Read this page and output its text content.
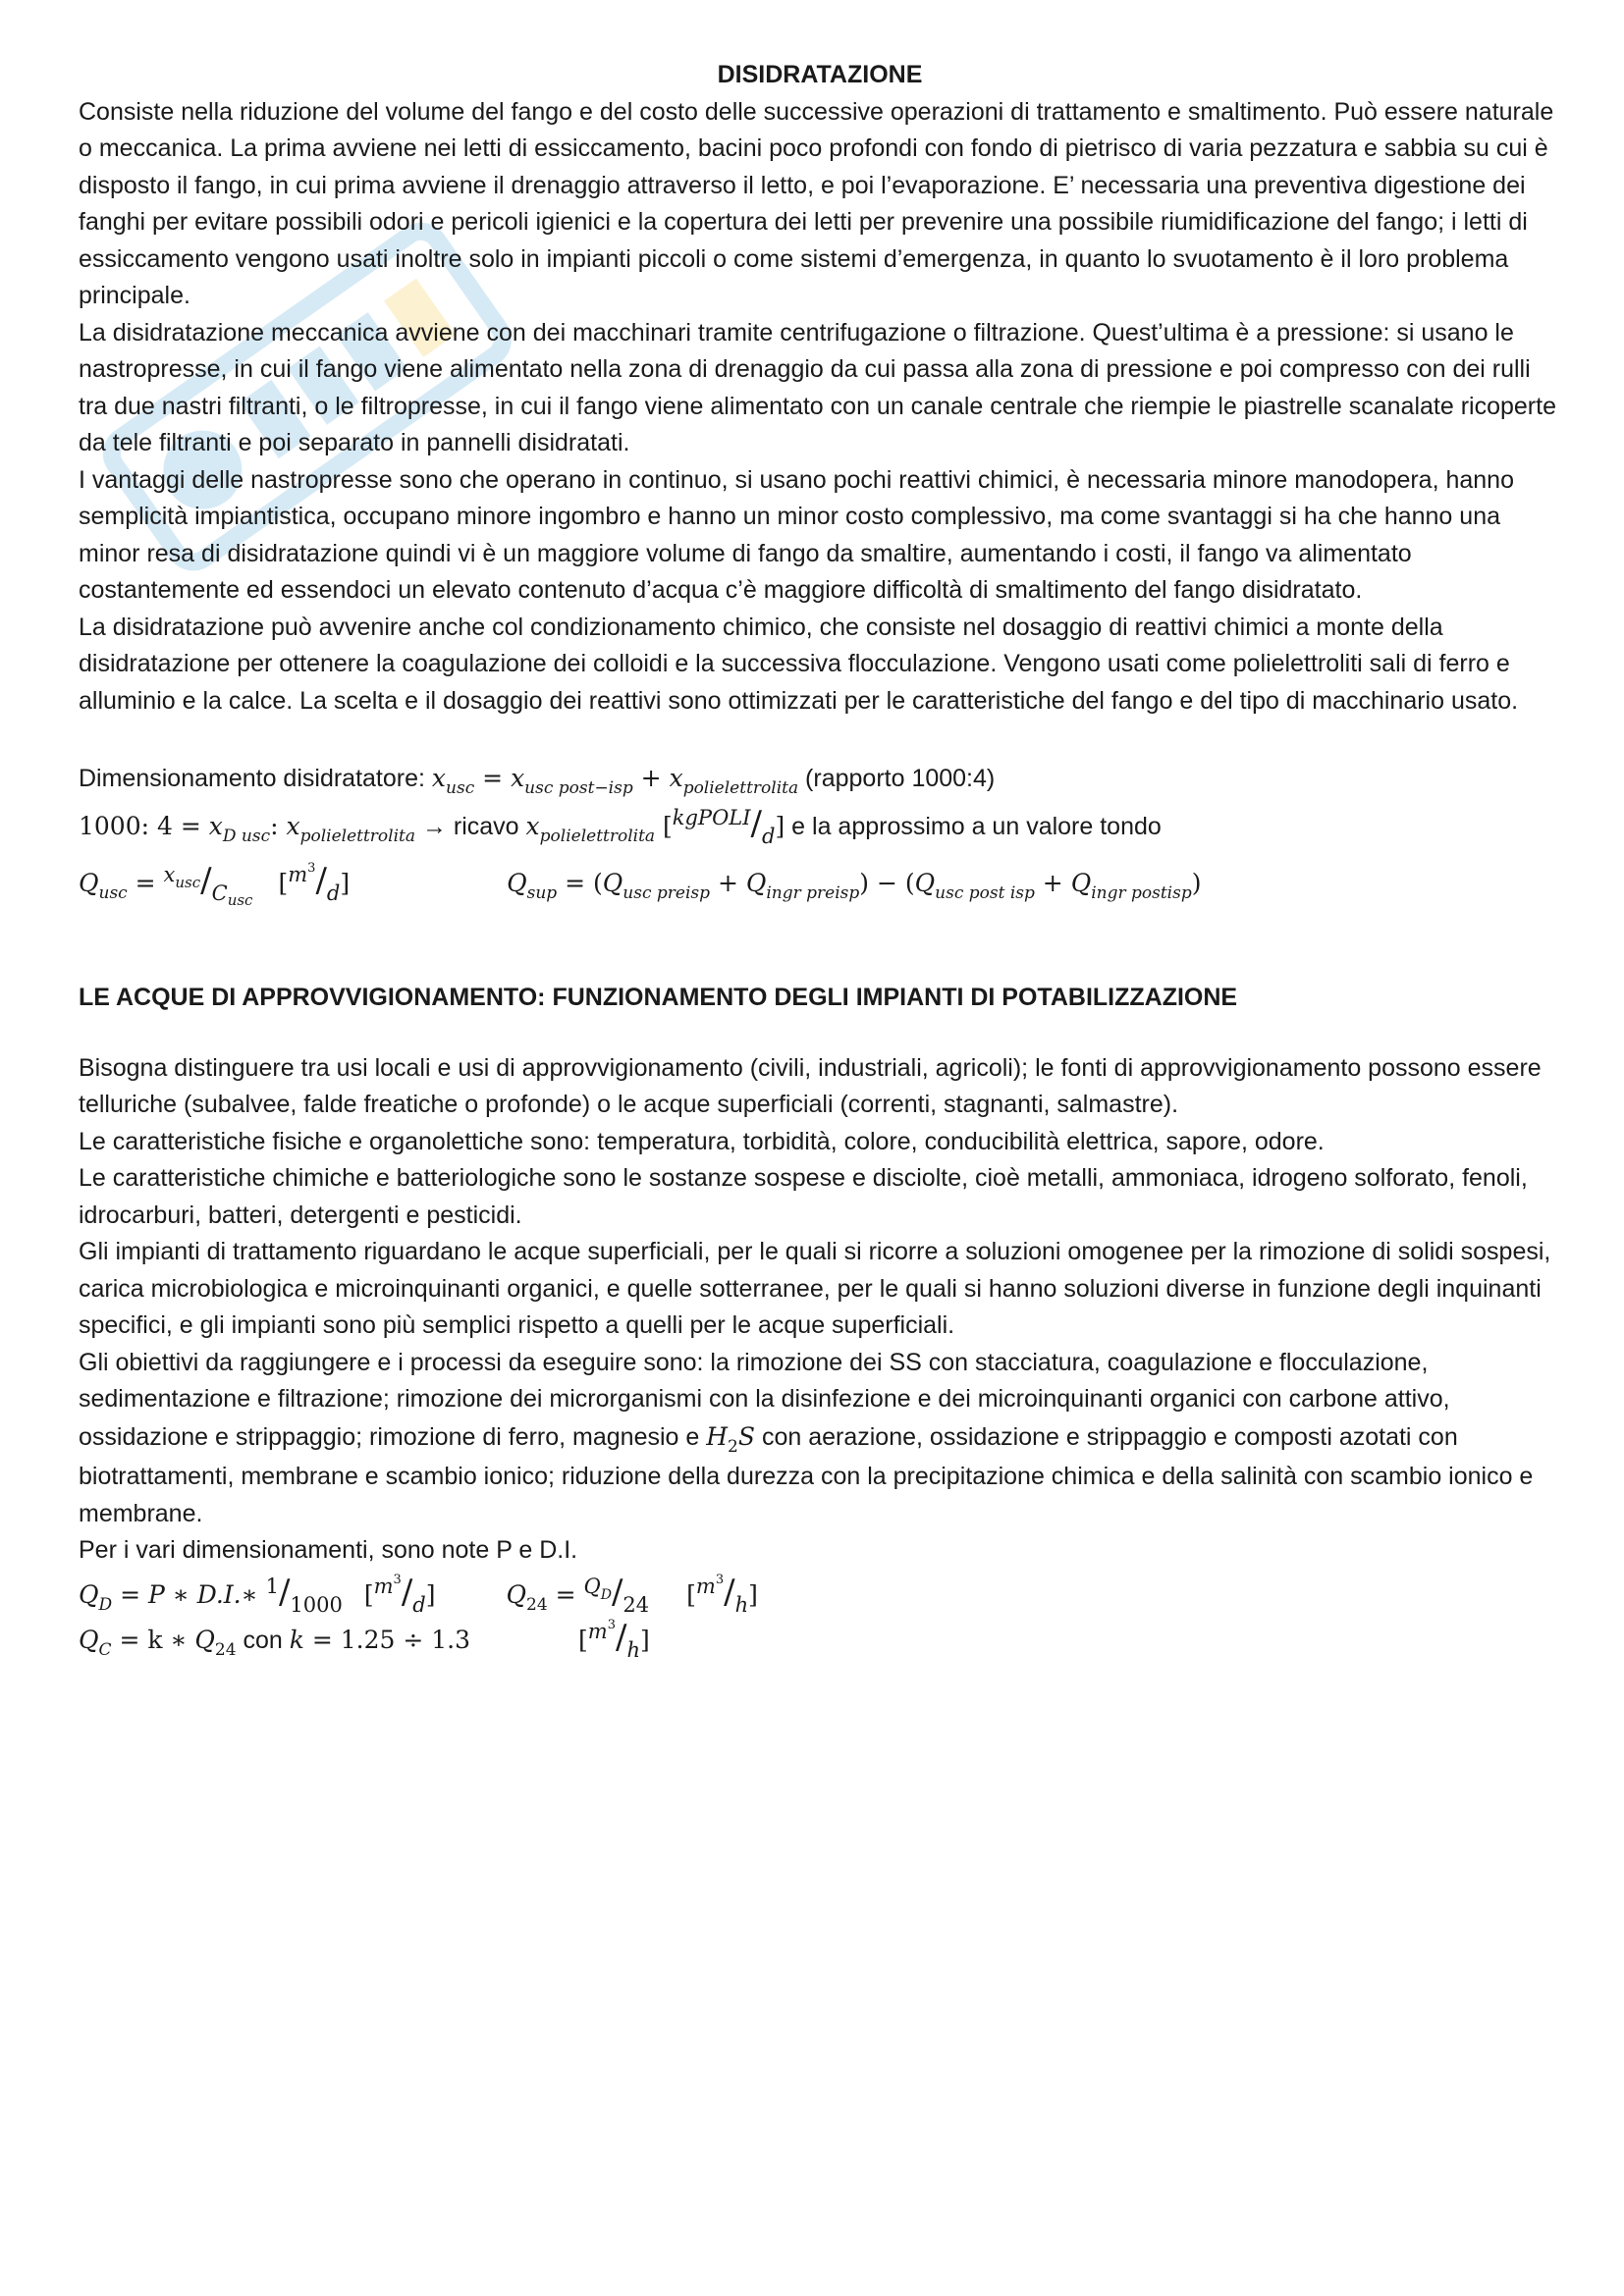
DISIDRATAZIONE

Consiste nella riduzione del volume del fango e del costo delle successive operazioni di trattamento e smaltimento. Può essere naturale o meccanica. La prima avviene nei letti di essiccamento, bacini poco profondi con fondo di pietrisco di varia pezzatura e sabbia su cui è disposto il fango, in cui prima avviene il drenaggio attraverso il letto, e poi l’evaporazione. E’ necessaria una preventiva digestione dei fanghi per evitare possibili odori e pericoli igienici e la copertura dei letti per prevenire una possibile riumidificazione del fango; i letti di essiccamento vengono usati inoltre solo in impianti piccoli o come sistemi d’emergenza, in quanto lo svuotamento è il loro problema principale.

La disidratazione meccanica avviene con dei macchinari tramite centrifugazione o filtrazione. Quest’ultima è a pressione: si usano le nastropresse, in cui il fango viene alimentato nella zona di drenaggio da cui passa alla zona di pressione e poi compresso con dei rulli tra due nastri filtranti, o le filtropresse, in cui il fango viene alimentato con un canale centrale che riempie le piastrelle scanalate ricoperte da tele filtranti e poi separato in pannelli disidratati.

I vantaggi delle nastropresse sono che operano in continuo, si usano pochi reattivi chimici, è necessaria minore manodopera, hanno semplicità impiantistica, occupano minore ingombro e hanno un minor costo complessivo, ma come svantaggi si ha che hanno una minor resa di disidratazione quindi vi è un maggiore volume di fango da smaltire, aumentando i costi, il fango va alimentato costantemente ed essendoci un elevato contenuto d’acqua c’è maggiore difficoltà di smaltimento del fango disidratato.

La disidratazione può avvenire anche col condizionamento chimico, che consiste nel dosaggio di reattivi chimici a monte della disidratazione per ottenere la coagulazione dei colloidi e la successiva flocculazione. Vengono usati come polielettroliti sali di ferro e alluminio e la calce. La scelta e il dosaggio dei reattivi sono ottimizzati per le caratteristiche del fango e del tipo di macchinario usato.

Dimensionamento disidratatore: $x_{usc} = x_{usc post-isp} + x_{polielettrolita}$ (rapporto 1000:4)
1000: $4 = x_{D usc}$: $x_{polielettrolita}$ → ricavo $x_{polielettrolita}$ $[^{kgPOLI}/_d]$ e la approssimo a un valore tondo
$Q_{usc} = ^xusc/_{Cusc}[^{m3}/_d]$	$Q_{sup} = (Q_{usc preisp} + Q_{ingr preisp}) - (Q_{usc post isp} + Q_{ingr postisp})$

LE ACQUE DI APPROVVIGIONAMENTO: FUNZIONAMENTO DEGLI IMPIANTI DI POTABILIZZAZIONE

Bisogna distinguere tra usi locali e usi di approvvigionamento (civili, industriali, agricoli); le fonti di approvvigionamento possono essere telluriche (subalvee, falde freatiche o profonde) o le acque superficiali (correnti, stagnanti, salmastre).

Le caratteristiche fisiche e organolettiche sono: temperatura, torbidità, colore, conducibilità elettrica, sapore, odore.

Le caratteristiche chimiche e batteriologiche sono le sostanze sospese e disciolte, cioè metalli, ammoniaca, idrogeno solforato, fenoli, idrocarburi, batteri, detergenti e pesticidi.

Gli impianti di trattamento riguardano le acque superficiali, per le quali si ricorre a soluzioni omogenee per la rimozione di solidi sospesi, carica microbiologica e microinquinanti organici, e quelle sotterranee, per le quali si hanno soluzioni diverse in funzione degli inquinanti specifici, e gli impianti sono più semplici rispetto a quelli per le acque superficiali.

Gli obiettivi da raggiungere e i processi da eseguire sono: la rimozione dei SS con stacciatura, coagulazione e flocculazione, sedimentazione e filtrazione; rimozione dei microrganismi con la disinfezione e dei microinquinanti organici con carbone attivo, ossidazione e strippaggio; rimozione di ferro, magnesio e $H_2S$ con aerazione, ossidazione e strippaggio e composti azotati con biotrattamenti, membrane e scambio ionico; riduzione della durezza con la precipitazione chimica e della salinità con scambio ionico e membrane.

Per i vari dimensionamenti, sono note P e D.I.

$Q_D = P$ ∗ D.I.∗ $^1/_{1000}$ $[^{m3}/_d]$	$Q_{24} = ^QD/_{24}$ $[^{m3}/_h]$
$Q_C = k$ ∗ $Q_{24}$ con k = 1.25 ÷ 1.3	$[^{m3}/_h]$
